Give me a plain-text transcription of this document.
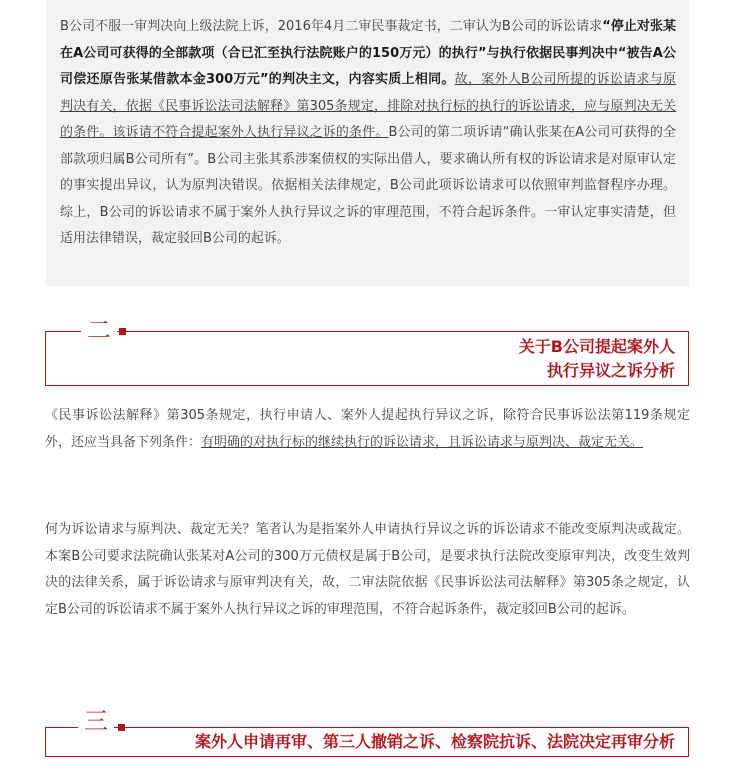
B公司不服一审判决向上级法院上诉，2016年4月二审民事裁定书，二审认为B公司的诉讼请求“停止对张某在A公司可获得的全部款项（合已汇至执行法院账户的150万元）的执行”与执行依据民事判决中“被告A公司偿还原告张某借款本金300万元”的判决主文，内容实质上相同。故，案外人B公司所提的诉讼请求与原判决有关，依据《民事诉讼法司法解释》第305条规定，排除对执行标的执行的诉讼请求，应与原判决无关的条件。该诉请不符合提起案外人执行异议之诉的条件。B公司的第二项诉请“确认张某在A公司可获得的全部款项归属B公司所有”。B公司主张其系涉案债权的实际出借人，要求确认所有权的诉讼请求是对原审认定的事实提出异议，认为原判决错误。依据相关法律规定，B公司此项诉讼请求可以依照审判监督程序办理。综上，B公司的诉讼请求不属于案外人执行异议之诉的审理范围，不符合起诉条件。一审认定事实清楚，但适用法律错误，裁定驳回B公司的起诉。
二
关于B公司提起案外人
执行异议之诉分析
《民事诉讼法解释》第305条规定，执行申请人、案外人提起执行异议之诉，除符合民事诉讼法第119条规定外，还应当具备下列条件：有明确的对执行标的继续执行的诉讼请求，且诉讼请求与原判决、裁定无关。
何为诉讼请求与原判决、裁定无关？笔者认为是指案外人申请执行异议之诉的诉讼请求不能改变原判决或裁定。本案B公司要求法院确认张某对A公司的300万元债权是属于B公司，是要求执行法院改变原审判决，改变生效判决的法律关系，属于诉讼请求与原审判决有关，故，二审法院依据《民事诉讼法司法解释》第305条之规定，认定B公司的诉讼请求不属于案外人执行异议之诉的审理范围，不符合起诉条件，裁定驳回B公司的起诉。
三
案外人申请再审、第三人撤销之诉、检察院抗诉、法院决定再审分析
